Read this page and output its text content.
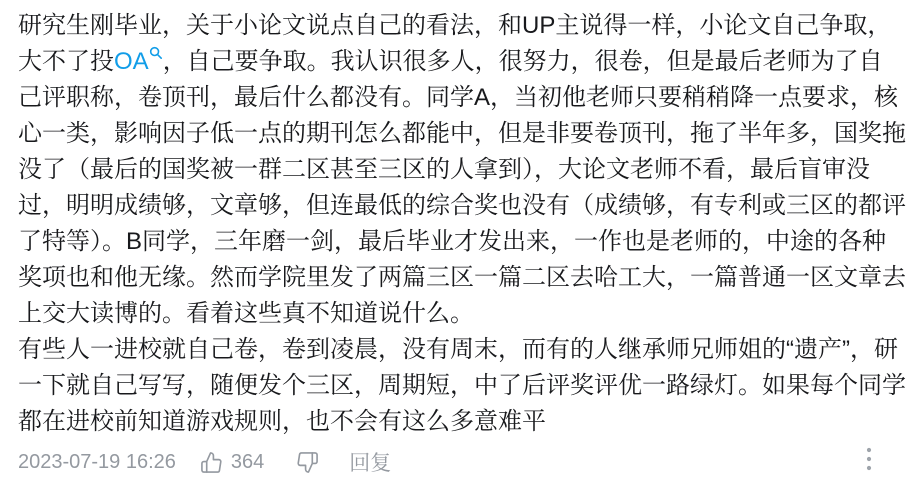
研究生刚毕业，关于小论文说点自己的看法，和UP主说得一样，小论文自己争取，大不了投OA ，自己要争取。我认识很多人，很努力，很卷，但是最后老师为了自己评职称，卷顶刊，最后什么都没有。同学A，当初他老师只要稍稍降一点要求，核心一类，影响因子低一点的期刊怎么都能中，但是非要卷顶刊，拖了半年多，国奖拖没了（最后的国奖被一群二区甚至三区的人拿到），大论文老师不看，最后盲审没过，明明成绩够，文章够，但连最低的综合奖也没有（成绩够，有专利或三区的都评了特等）。B同学，三年磨一剑，最后毕业才发出来，一作也是老师的，中途的各种奖项也和他无缘。然而学院里发了两篇三区一篇二区去哈工大，一篇普通一区文章去上交大读博的。看着这些真不知道说什么。

有些人一进校就自己卷，卷到凌晨，没有周末，而有的人继承师兄师姐的“遗产”，研一下就自己写写，随便发个三区，周期短，中了后评奖评优一路绿灯。如果每个同学都在进校前知道游戏规则，也不会有这么多意难平

2023-07-19 16:26	364	回复
